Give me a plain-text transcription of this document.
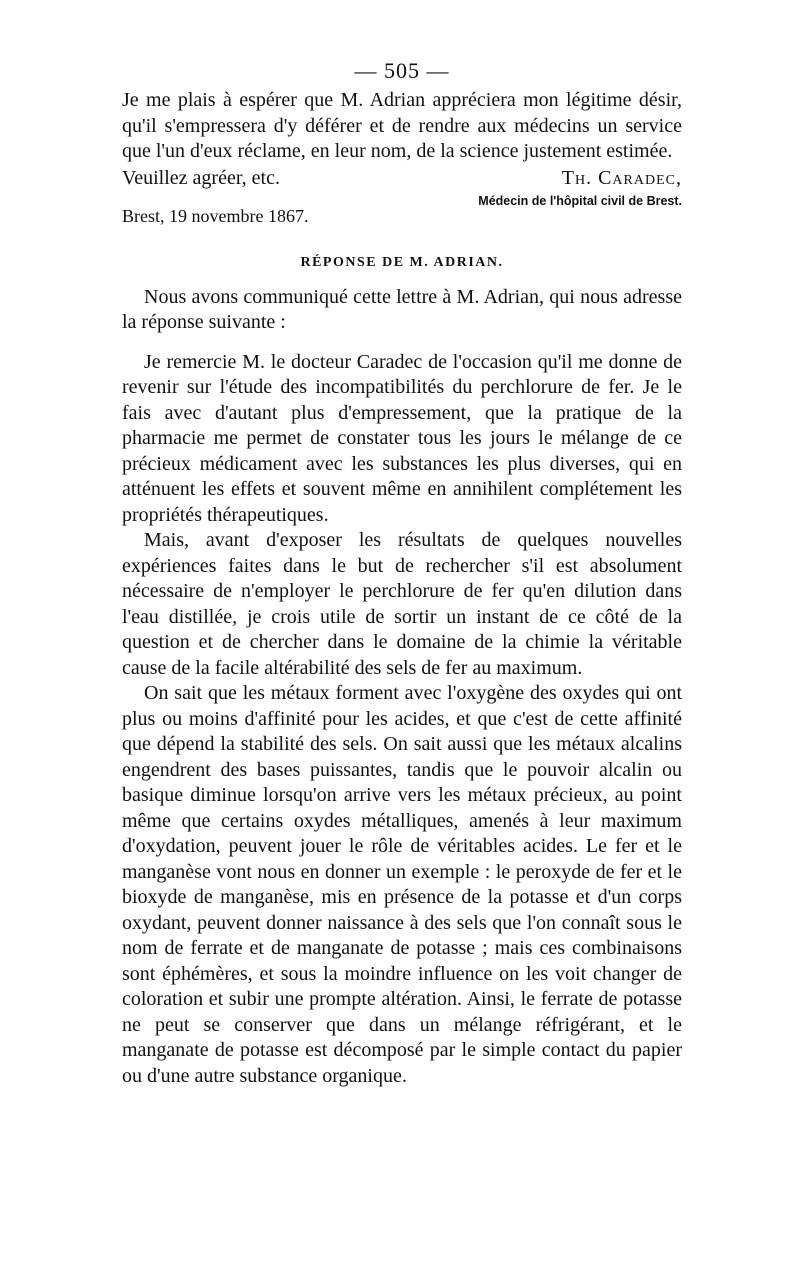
— 505 —

Je me plais à espérer que M. Adrian appréciera mon légitime désir, qu'il s'empressera d'y déférer et de rendre aux médecins un service que l'un d'eux réclame, en leur nom, de la science justement estimée.

Veuillez agréer, etc.	Th. Caradec,
Brest, 19 novembre 1867.
Médecin de l'hôpital civil de Brest.
RÉPONSE DE M. ADRIAN.

Nous avons communiqué cette lettre à M. Adrian, qui nous adresse la réponse suivante :

Je remercie M. le docteur Caradec de l'occasion qu'il me donne de revenir sur l'étude des incompatibilités du perchlorure de fer. Je le fais avec d'autant plus d'empressement, que la pratique de la pharmacie me permet de constater tous les jours le mélange de ce précieux médicament avec les substances les plus diverses, qui en atténuent les effets et souvent même en annihilent complétement les propriétés thérapeutiques.

Mais, avant d'exposer les résultats de quelques nouvelles expériences faites dans le but de rechercher s'il est absolument nécessaire de n'employer le perchlorure de fer qu'en dilution dans l'eau distillée, je crois utile de sortir un instant de ce côté de la question et de chercher dans le domaine de la chimie la véritable cause de la facile altérabilité des sels de fer au maximum.

On sait que les métaux forment avec l'oxygène des oxydes qui ont plus ou moins d'affinité pour les acides, et que c'est de cette affinité que dépend la stabilité des sels. On sait aussi que les métaux alcalins engendrent des bases puissantes, tandis que le pouvoir alcalin ou basique diminue lorsqu'on arrive vers les métaux précieux, au point même que certains oxydes métalliques, amenés à leur maximum d'oxydation, peuvent jouer le rôle de véritables acides. Le fer et le manganèse vont nous en donner un exemple : le peroxyde de fer et le bioxyde de manganèse, mis en présence de la potasse et d'un corps oxydant, peuvent donner naissance à des sels que l'on connaît sous le nom de ferrate et de manganate de potasse ; mais ces combinaisons sont éphémères, et sous la moindre influence on les voit changer de coloration et subir une prompte altération. Ainsi, le ferrate de potasse ne peut se conserver que dans un mélange réfrigérant, et le manganate de potasse est décomposé par le simple contact du papier ou d'une autre substance organique.
